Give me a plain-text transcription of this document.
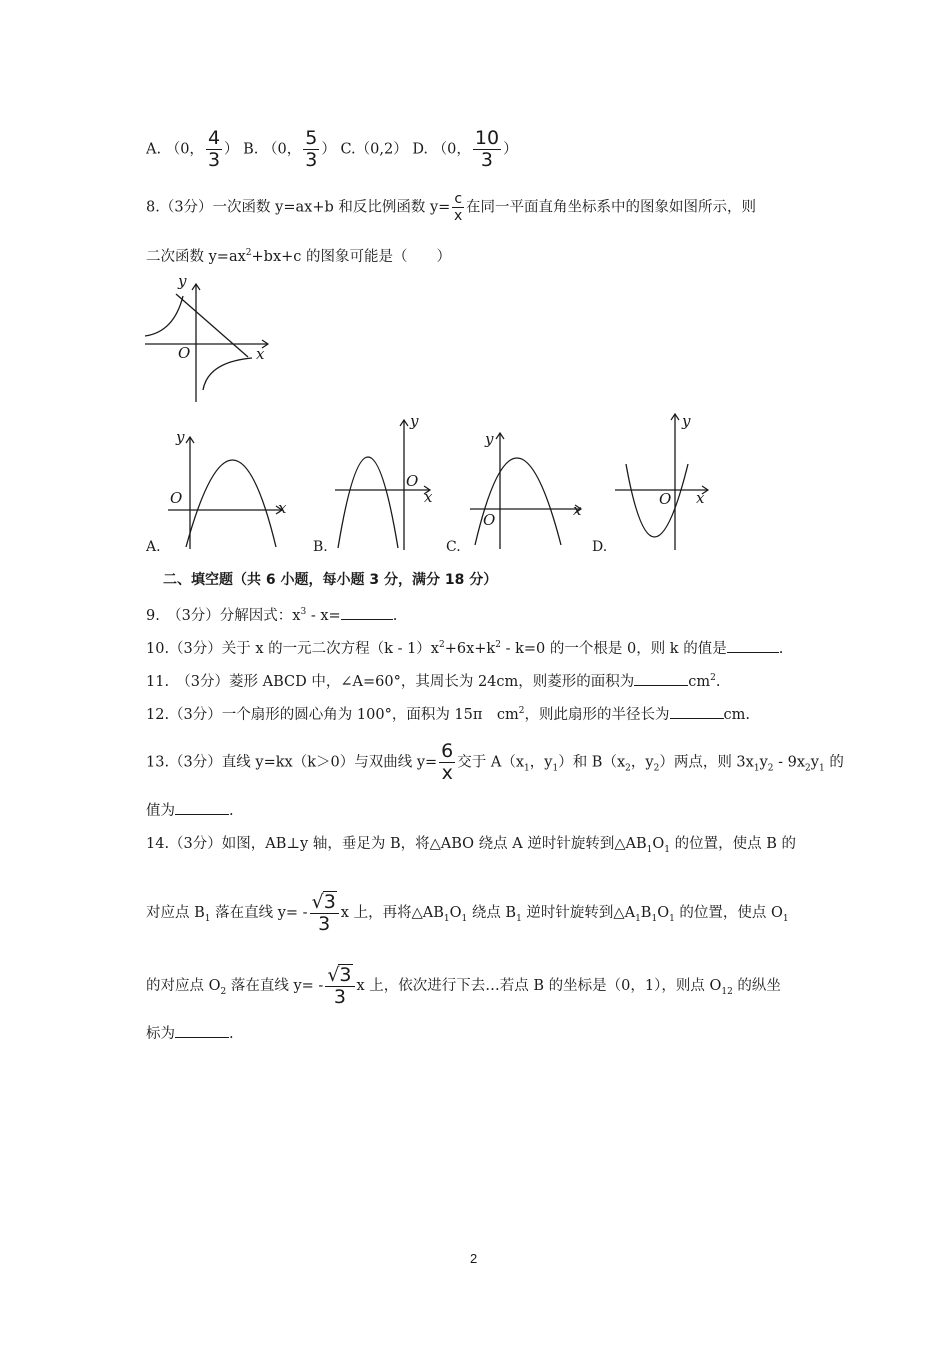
A. （0， $\frac{4}{3}$ ） B. （0， $\frac{5}{3}$ ） C.（0,2） D. （0， $\frac{10}{3}$ ）
8.（3分）一次函数 y=ax+b 和反比例函数 $y= \frac{c}{x}$ 在同一平面直角坐标系中的图象如图所示，则
二次函数 $y=ax^2+bx+c$ 的图象可能是（　　）
y
x
O
y
x
O
y
x
O
y
x
O
y
x
O
A.	B.	C.	D.
二、填空题（共 6 小题，每小题 3 分，满分 18 分）
9.　（3分）分解因式：$x^3 - x=$	.
10.（3分）关于 x 的一元二次方程$(k - 1)x^2+6x+k^2 - k=0$ 的一个根是 0，则 k 的值是	.
11.　（3分）菱形 ABCD 中，∠A=60°，其周长为 24cm，则菱形的面积为	$cm^2$.
12.（3分）一个扇形的圆心角为 100°，面积为 15π　$cm^2$，则此扇形的半径长为	cm.
13.（3分）直线 y=kx（k＞0）与双曲线 $y= \frac{6}{x}$ 交于 $A(x_1$，$y_1$）和 $B(x_2$，$y_2$）两点，则 $3x_1y_2 - 9x_2y_1$ 的
值为	.
14.（3分）如图，AB⊥y 轴，垂足为 B，将△ABO 绕点 A 逆时针旋转到$\triangle AB_1O_1$ 的位置，使点 B 的
对应点 $B_1$ 落在直线 $y= - \frac{√3}{3}$ x 上，再将$\triangle AB_1O_1$ 绕点 $B_1$ 逆时针旋转到$\triangle A_1B_1O_1$ 的位置，使点 $O_1$
的对应点 $O_2$ 落在直线 $y= - \frac{√3}{3}$ x 上，依次进行下去…若点 B 的坐标是（0，1），则点 $O_{12}$ 的纵坐
标为	.
2
